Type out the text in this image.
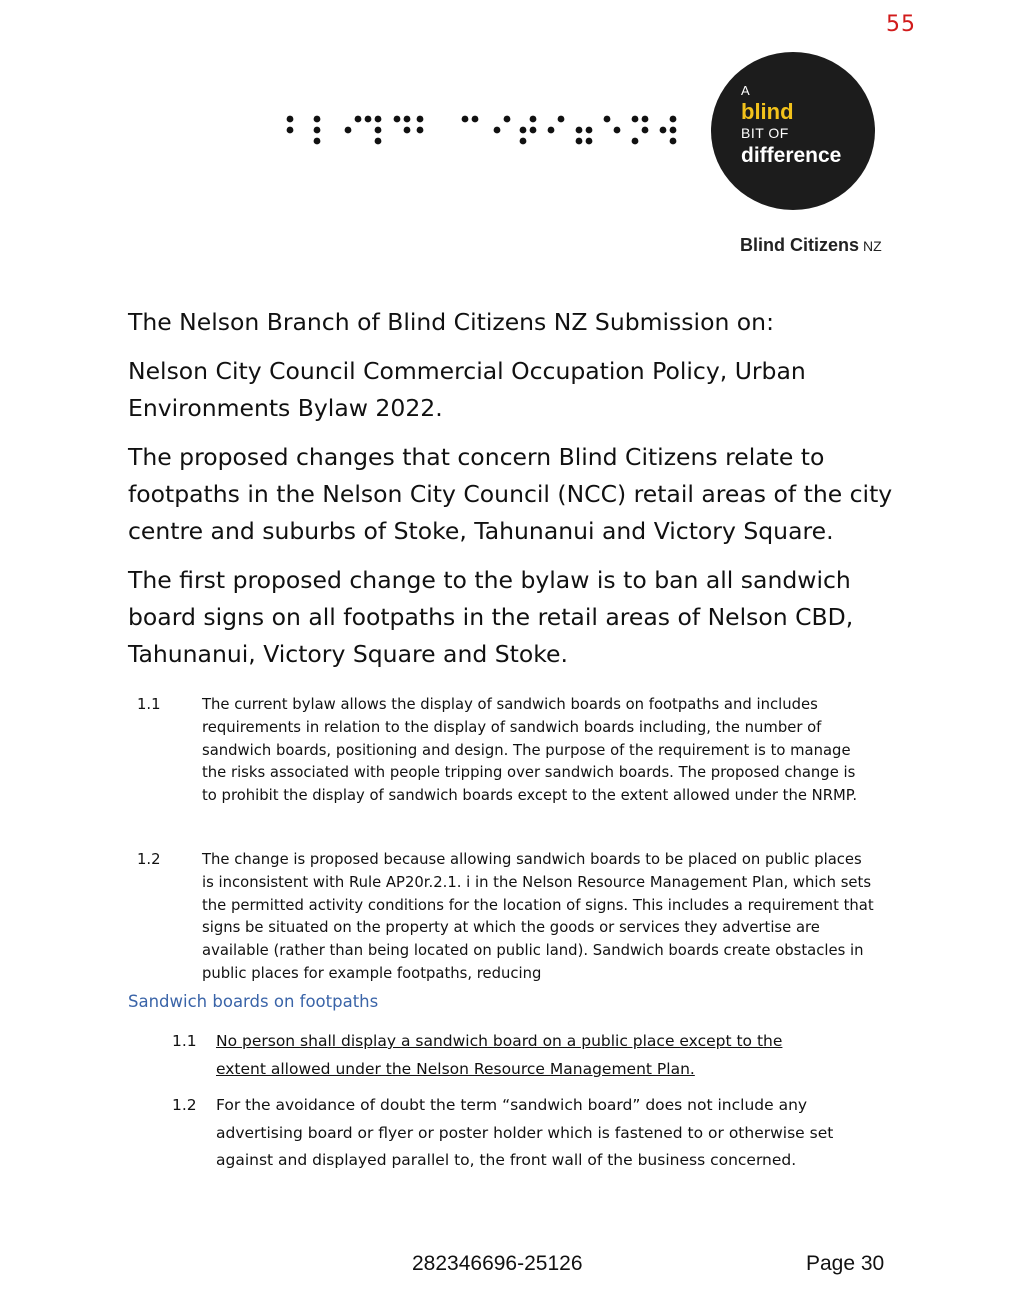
55
A
blind
BIT OF
difference
Blind Citizens NZ

The Nelson Branch of Blind Citizens NZ Submission on:

Nelson City Council Commercial Occupation Policy, Urban Environments Bylaw 2022.

The proposed changes that concern Blind Citizens relate to footpaths in the Nelson City Council (NCC) retail areas of the city centre and suburbs of Stoke, Tahunanui and Victory Square.

The first proposed change to the bylaw is to ban all sandwich board signs on all footpaths in the retail areas of Nelson CBD, Tahunanui, Victory Square and Stoke.

1.1	The current bylaw allows the display of sandwich boards on footpaths and includes requirements in relation to the display of sandwich boards including, the number of sandwich boards, positioning and design. The purpose of the requirement is to manage the risks associated with people tripping over sandwich boards. The proposed change is to prohibit the display of sandwich boards except to the extent allowed under the NRMP.
1.2	The change is proposed because allowing sandwich boards to be placed on public places is inconsistent with Rule AP20r.2.1. i in the Nelson Resource Management Plan, which sets the permitted activity conditions for the location of signs. This includes a requirement that signs be situated on the property at which the goods or services they advertise are available (rather than being located on public land). Sandwich boards create obstacles in public places for example footpaths, reducing
Sandwich boards on footpaths
1.1 No person shall display a sandwich board on a public place except to the extent allowed under the Nelson Resource Management Plan.
1.2 For the avoidance of doubt the term “sandwich board” does not include any advertising board or flyer or poster holder which is fastened to or otherwise set against and displayed parallel to, the front wall of the business concerned.
282346696-25126	Page 30
